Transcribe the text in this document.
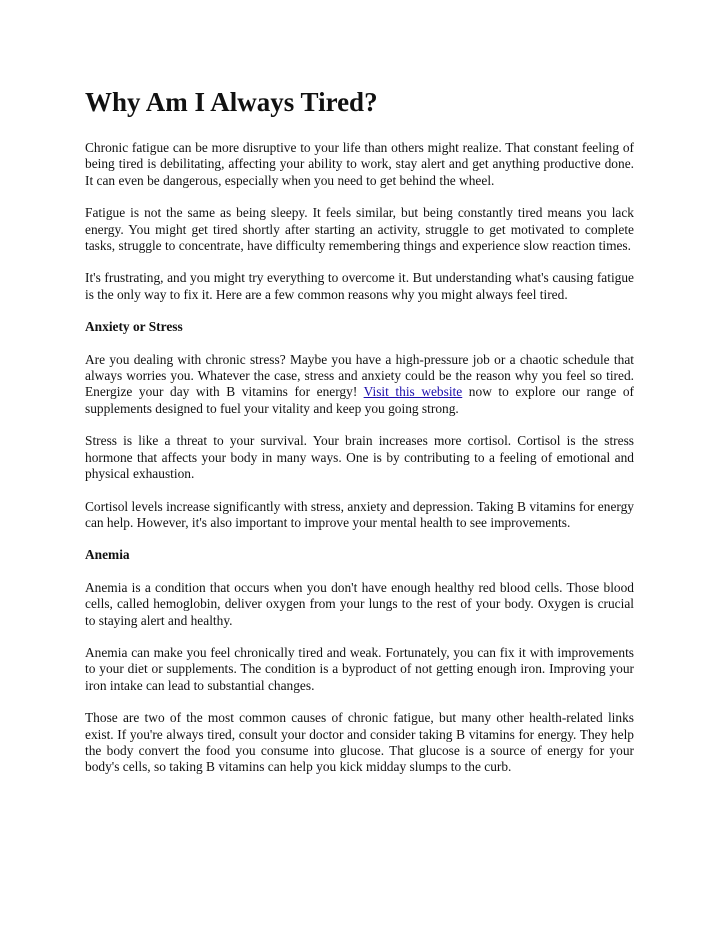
Why Am I Always Tired?

Chronic fatigue can be more disruptive to your life than others might realize. That constant feeling of being tired is debilitating, affecting your ability to work, stay alert and get anything productive done. It can even be dangerous, especially when you need to get behind the wheel.

Fatigue is not the same as being sleepy. It feels similar, but being constantly tired means you lack energy. You might get tired shortly after starting an activity, struggle to get motivated to complete tasks, struggle to concentrate, have difficulty remembering things and experience slow reaction times.

It's frustrating, and you might try everything to overcome it. But understanding what's causing fatigue is the only way to fix it. Here are a few common reasons why you might always feel tired.

Anxiety or Stress

Are you dealing with chronic stress? Maybe you have a high-pressure job or a chaotic schedule that always worries you. Whatever the case, stress and anxiety could be the reason why you feel so tired. Energize your day with B vitamins for energy! Visit this website now to explore our range of supplements designed to fuel your vitality and keep you going strong.

Stress is like a threat to your survival. Your brain increases more cortisol. Cortisol is the stress hormone that affects your body in many ways. One is by contributing to a feeling of emotional and physical exhaustion.

Cortisol levels increase significantly with stress, anxiety and depression. Taking B vitamins for energy can help. However, it's also important to improve your mental health to see improvements.

Anemia

Anemia is a condition that occurs when you don't have enough healthy red blood cells. Those blood cells, called hemoglobin, deliver oxygen from your lungs to the rest of your body. Oxygen is crucial to staying alert and healthy.

Anemia can make you feel chronically tired and weak. Fortunately, you can fix it with improvements to your diet or supplements. The condition is a byproduct of not getting enough iron. Improving your iron intake can lead to substantial changes.

Those are two of the most common causes of chronic fatigue, but many other health-related links exist. If you're always tired, consult your doctor and consider taking B vitamins for energy. They help the body convert the food you consume into glucose. That glucose is a source of energy for your body's cells, so taking B vitamins can help you kick midday slumps to the curb.
